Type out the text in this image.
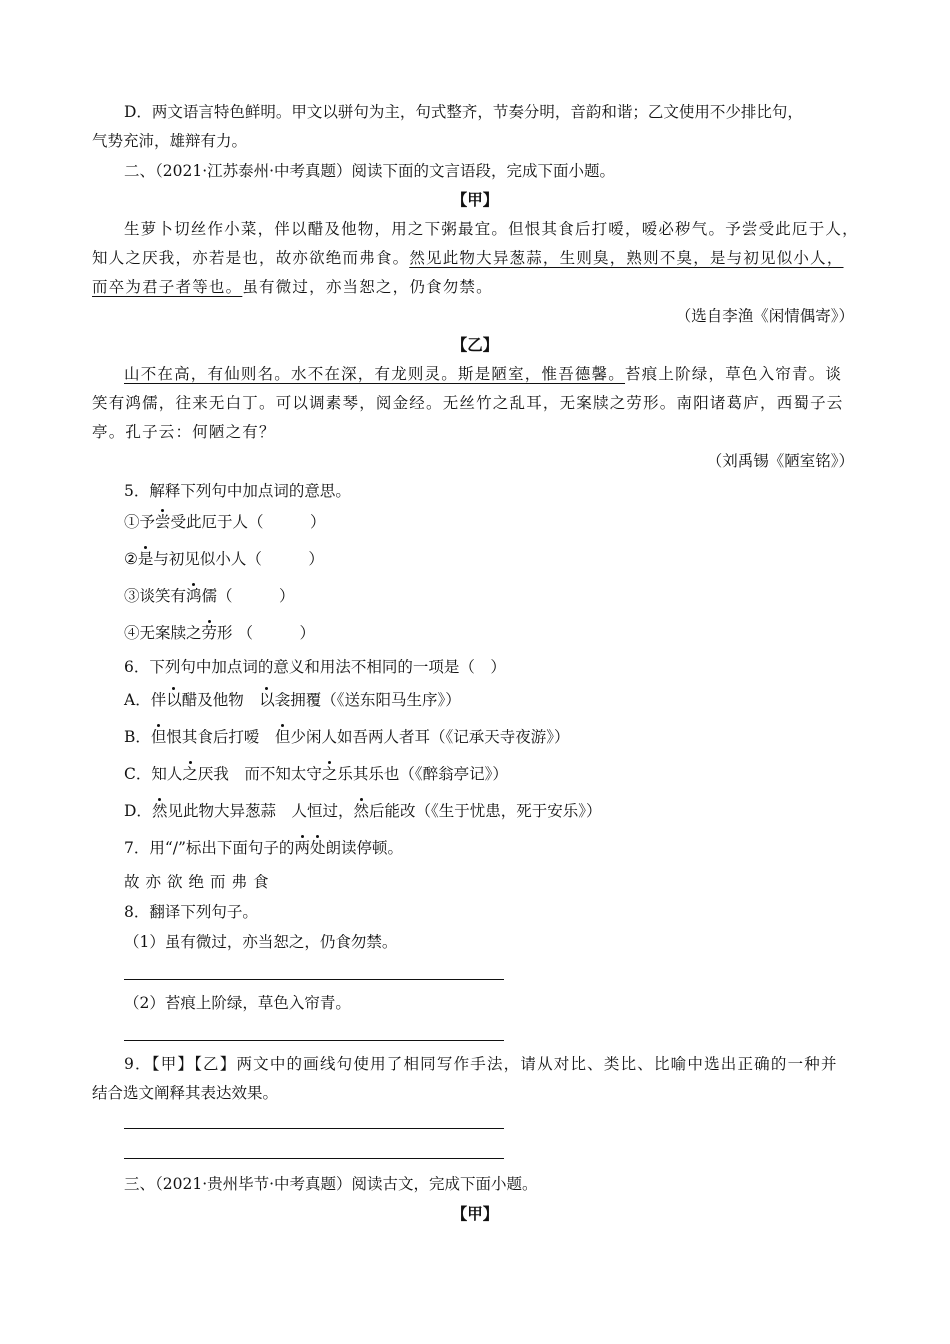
D．两文语言特色鲜明。甲文以骈句为主，句式整齐，节奏分明，音韵和谐；乙文使用不少排比句，
气势充沛，雄辩有力。
二、（2021·江苏泰州·中考真题）阅读下面的文言语段，完成下面小题。
【甲】
生萝卜切丝作小菜，伴以醋及他物，用之下粥最宜。但恨其食后打嗳，嗳必秽气。予尝受此厄于人，
知人之厌我，亦若是也，故亦欲绝而弗食。然见此物大异葱蒜，生则臭，熟则不臭，是与初见似小人，
而卒为君子者等也。虽有微过，亦当恕之，仍食勿禁。
（选自李渔《闲情偶寄》）
【乙】
山不在高，有仙则名。水不在深，有龙则灵。斯是陋室，惟吾德馨。苔痕上阶绿，草色入帘青。谈
笑有鸿儒，往来无白丁。可以调素琴，阅金经。无丝竹之乱耳，无案牍之劳形。南阳诸葛庐，西蜀子云
亭。孔子云：何陋之有？
（刘禹锡《陋室铭》）
5．解释下列句中加点词的意思。
①予尝受此厄于人（　　　）
②是与初见似小人（　　　）
③谈笑有鸿儒（　　　）
④无案牍之劳形 （　　　）
6．下列句中加点词的意义和用法不相同的一项是（　）
A．伴以醋及他物　以衾拥覆（《送东阳马生序》）
B．但恨其食后打嗳　但少闲人如吾两人者耳（《记承天寺夜游》）
C．知人之厌我　而不知太守之乐其乐也（《醉翁亭记》）
D．然见此物大异葱蒜　人恒过，然后能改（《生于忧患，死于安乐》）
7．用“/”标出下面句子的两处朗读停顿。
故亦欲绝而弗食
8．翻译下列句子。
（1）虽有微过，亦当恕之，仍食勿禁。
（2）苔痕上阶绿，草色入帘青。
9．【甲】【乙】两文中的画线句使用了相同写作手法，请从对比、类比、比喻中选出正确的一种并
结合选文阐释其表达效果。
三、（2021·贵州毕节·中考真题）阅读古文，完成下面小题。
【甲】
